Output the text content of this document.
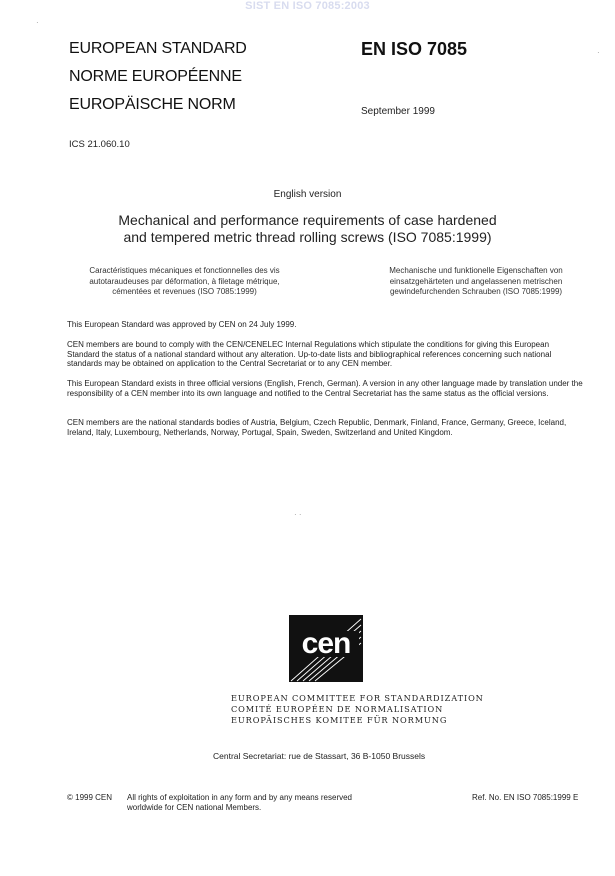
SIST EN ISO 7085:2003
·
·
· ·
EUROPEAN STANDARD
NORME EUROPÉENNE
EUROPÄISCHE NORM
EN ISO 7085
September 1999
ICS 21.060.10
English version
Mechanical and performance requirements of case hardened
and tempered metric thread rolling screws (ISO 7085:1999)
Caractéristiques mécaniques et fonctionnelles des vis
autotaraudeuses par déformation, à filetage métrique,
cémentées et revenues (ISO 7085:1999)
Mechanische und funktionelle Eigenschaften von
einsatzgehärteten und angelassenen metrischen
gewindefurchenden Schrauben (ISO 7085:1999)
This European Standard was approved by CEN on 24 July 1999.
CEN members are bound to comply with the CEN/CENELEC Internal Regulations which stipulate the conditions for giving this European Standard the status of a national standard without any alteration. Up-to-date lists and bibliographical references concerning such national standards may be obtained on application to the Central Secretariat or to any CEN member.
This European Standard exists in three official versions (English, French, German). A version in any other language made by translation under the responsibility of a CEN member into its own language and notified to the Central Secretariat has the same status as the official versions.
CEN members are the national standards bodies of Austria, Belgium, Czech Republic, Denmark, Finland, France, Germany, Greece, Iceland, Ireland, Italy, Luxembourg, Netherlands, Norway, Portugal, Spain, Sweden, Switzerland and United Kingdom.
cen
EUROPEAN COMMITTEE FOR STANDARDIZATION
COMITÉ EUROPÉEN DE NORMALISATION
EUROPÄISCHES KOMITEE FÜR NORMUNG
Central Secretariat: rue de Stassart, 36 B-1050 Brussels
© 1999 CEN All rights of exploitation in any form and by any means reserved
worldwide for CEN national Members.
Ref. No. EN ISO 7085:1999 E
